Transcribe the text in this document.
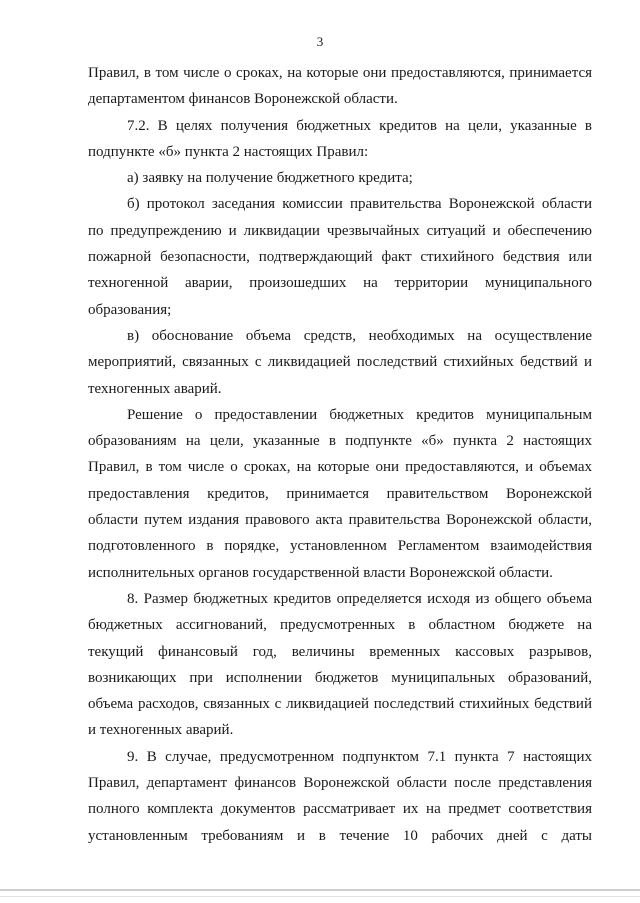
3

Правил, в том числе о сроках, на которые они предоставляются, принимается
департаментом финансов Воронежской области.

7.2. В целях получения бюджетных кредитов на цели, указанные в
подпункте «б» пункта 2 настоящих Правил:

а) заявку на получение бюджетного кредита;

б) протокол заседания комиссии правительства Воронежской области
по предупреждению и ликвидации чрезвычайных ситуаций и обеспечению
пожарной безопасности, подтверждающий факт стихийного бедствия или
техногенной аварии, произошедших на территории муниципального
образования;

в) обоснование объема средств, необходимых на осуществление
мероприятий, связанных с ликвидацией последствий стихийных бедствий и
техногенных аварий.

Решение о предоставлении бюджетных кредитов муниципальным
образованиям на цели, указанные в подпункте «б» пункта 2 настоящих
Правил, в том числе о сроках, на которые они предоставляются, и объемах
предоставления кредитов, принимается правительством Воронежской
области путем издания правового акта правительства Воронежской области,
подготовленного в порядке, установленном Регламентом взаимодействия
исполнительных органов государственной власти Воронежской области.

8. Размер бюджетных кредитов определяется исходя из общего объема
бюджетных ассигнований, предусмотренных в областном бюджете на
текущий финансовый год, величины временных кассовых разрывов,
возникающих при исполнении бюджетов муниципальных образований,
объема расходов, связанных с ликвидацией последствий стихийных бедствий
и техногенных аварий.

9. В случае, предусмотренном подпунктом 7.1 пункта 7 настоящих
Правил, департамент финансов Воронежской области после представления
полного комплекта документов рассматривает их на предмет соответствия
установленным требованиям и в течение 10 рабочих дней с даты
